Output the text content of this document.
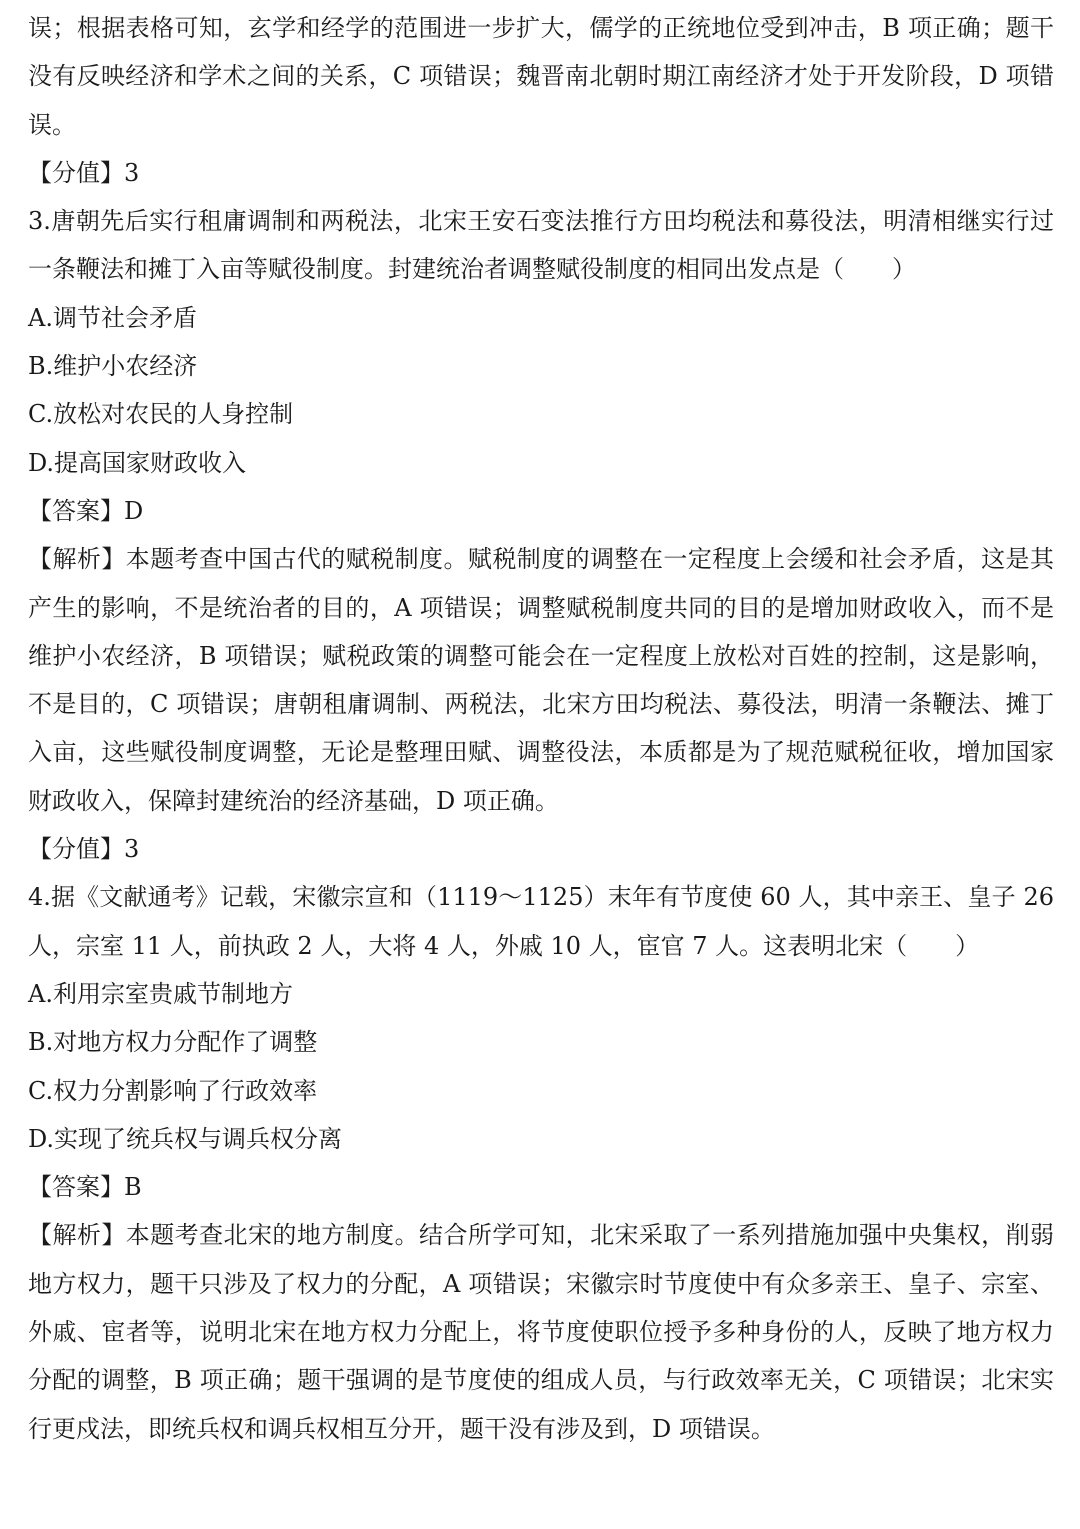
误；根据表格可知，玄学和经学的范围进一步扩大，儒学的正统地位受到冲击，B 项正确；题干没有反映经济和学术之间的关系，C 项错误；魏晋南北朝时期江南经济才处于开发阶段，D 项错误。

【分值】3

3.唐朝先后实行租庸调制和两税法，北宋王安石变法推行方田均税法和募役法，明清相继实行过一条鞭法和摊丁入亩等赋役制度。封建统治者调整赋役制度的相同出发点是（　　）

A.调节社会矛盾

B.维护小农经济

C.放松对农民的人身控制

D.提高国家财政收入

【答案】D

【解析】本题考查中国古代的赋税制度。赋税制度的调整在一定程度上会缓和社会矛盾，这是其产生的影响，不是统治者的目的，A 项错误；调整赋税制度共同的目的是增加财政收入，而不是维护小农经济，B 项错误；赋税政策的调整可能会在一定程度上放松对百姓的控制，这是影响，不是目的，C 项错误；唐朝租庸调制、两税法，北宋方田均税法、募役法，明清一条鞭法、摊丁入亩，这些赋役制度调整，无论是整理田赋、调整役法，本质都是为了规范赋税征收，增加国家财政收入，保障封建统治的经济基础，D 项正确。

【分值】3

4.据《文献通考》记载，宋徽宗宣和（1119～1125）末年有节度使 60 人，其中亲王、皇子 26 人，宗室 11 人，前执政 2 人，大将 4 人，外戚 10 人，宦官 7 人。这表明北宋（　　）

A.利用宗室贵戚节制地方

B.对地方权力分配作了调整

C.权力分割影响了行政效率

D.实现了统兵权与调兵权分离

【答案】B

【解析】本题考查北宋的地方制度。结合所学可知，北宋采取了一系列措施加强中央集权，削弱地方权力，题干只涉及了权力的分配，A 项错误；宋徽宗时节度使中有众多亲王、皇子、宗室、外戚、宦者等，说明北宋在地方权力分配上，将节度使职位授予多种身份的人，反映了地方权力分配的调整，B 项正确；题干强调的是节度使的组成人员，与行政效率无关，C 项错误；北宋实行更戍法，即统兵权和调兵权相互分开，题干没有涉及到，D 项错误。
